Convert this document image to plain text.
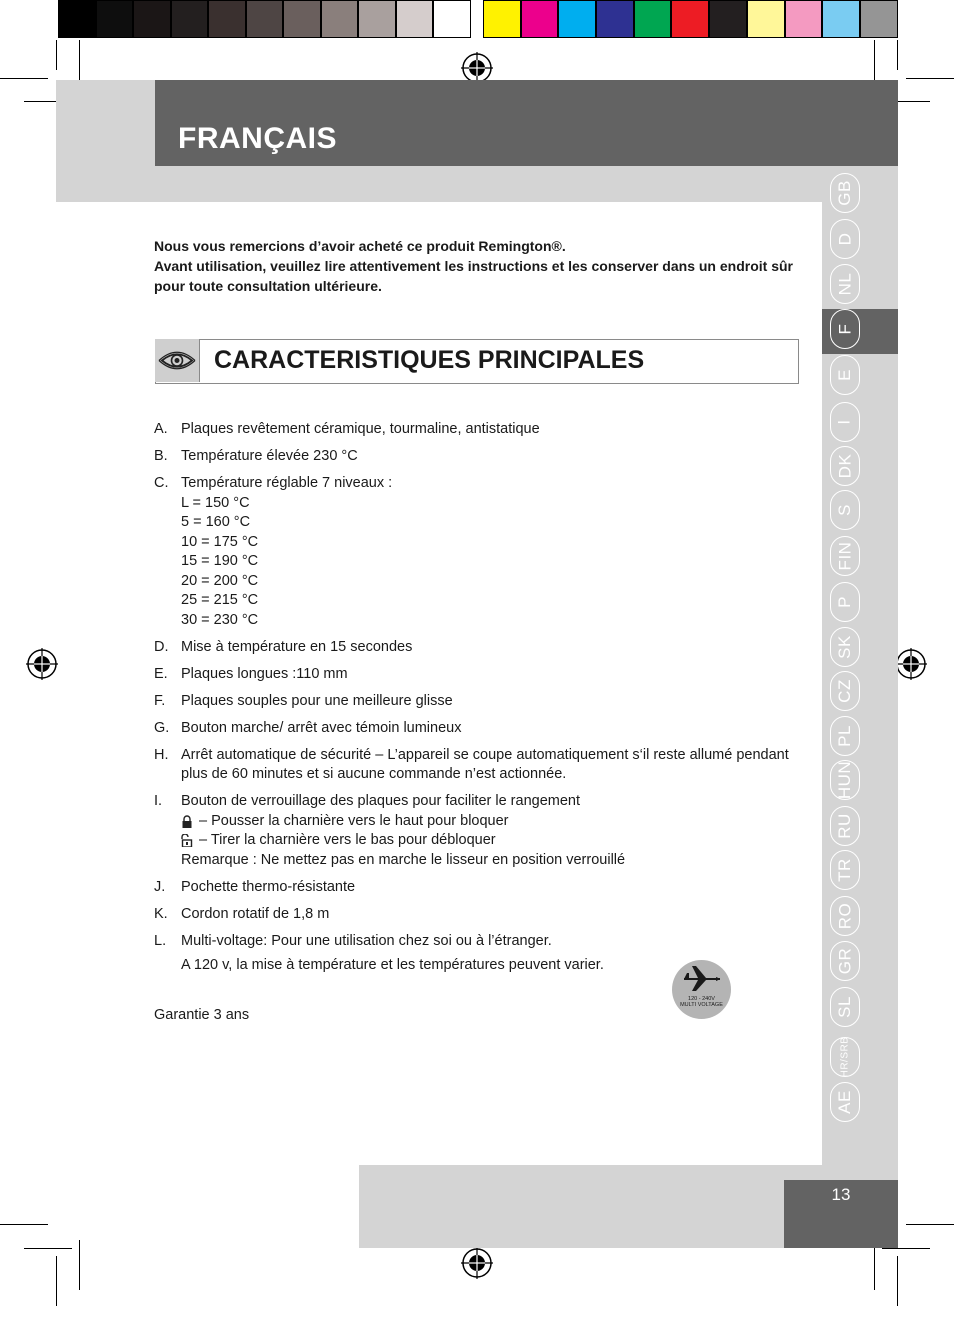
FRANÇAIS
GB
D
NL
F
E
I
DK
S
FIN
P
SK
CZ
PL
HUN
RU
TR
RO
GR
SL
HR/SRB
AE
13

Nous vous remercions d’avoir acheté ce produit Remington®.

Avant utilisation, veuillez lire attentivement les instructions et les conserver dans un endroit sûr pour toute consultation ultérieure.

CARACTERISTIQUES PRINCIPALES
A. Plaques revêtement céramique, tourmaline, antistatique
B. Température élevée 230 °C
C. Température réglable 7 niveaux :
L = 150 °C
5 = 160 °C
10 = 175 °C
15 = 190 °C
20 = 200 °C
25 = 215 °C
30 = 230 °C
D. Mise à température en 15 secondes
E. Plaques longues :110 mm
F.	Plaques souples pour une meilleure glisse
G. Bouton marche/ arrêt avec témoin lumineux
H. Arrêt automatique de sécurité – L’appareil se coupe automatiquement s‘il reste allumé pendant plus de 60 minutes et si aucune commande n’est actionnée.
I.	Bouton de verrouillage des plaques pour faciliter le rangement
– Pousser la charnière vers le haut pour bloquer
– Tirer la charnière vers le bas pour débloquer
Remarque : Ne mettez pas en marche le lisseur en position verrouillé
J.	Pochette thermo-résistante
K. Cordon rotatif de 1,8 m
L.	Multi-voltage: Pour une utilisation chez soi ou à l’étranger.
A 120 v, la mise à température et les températures peuvent varier.
120 - 240V
MULTI VOLTAGE
Garantie 3 ans
